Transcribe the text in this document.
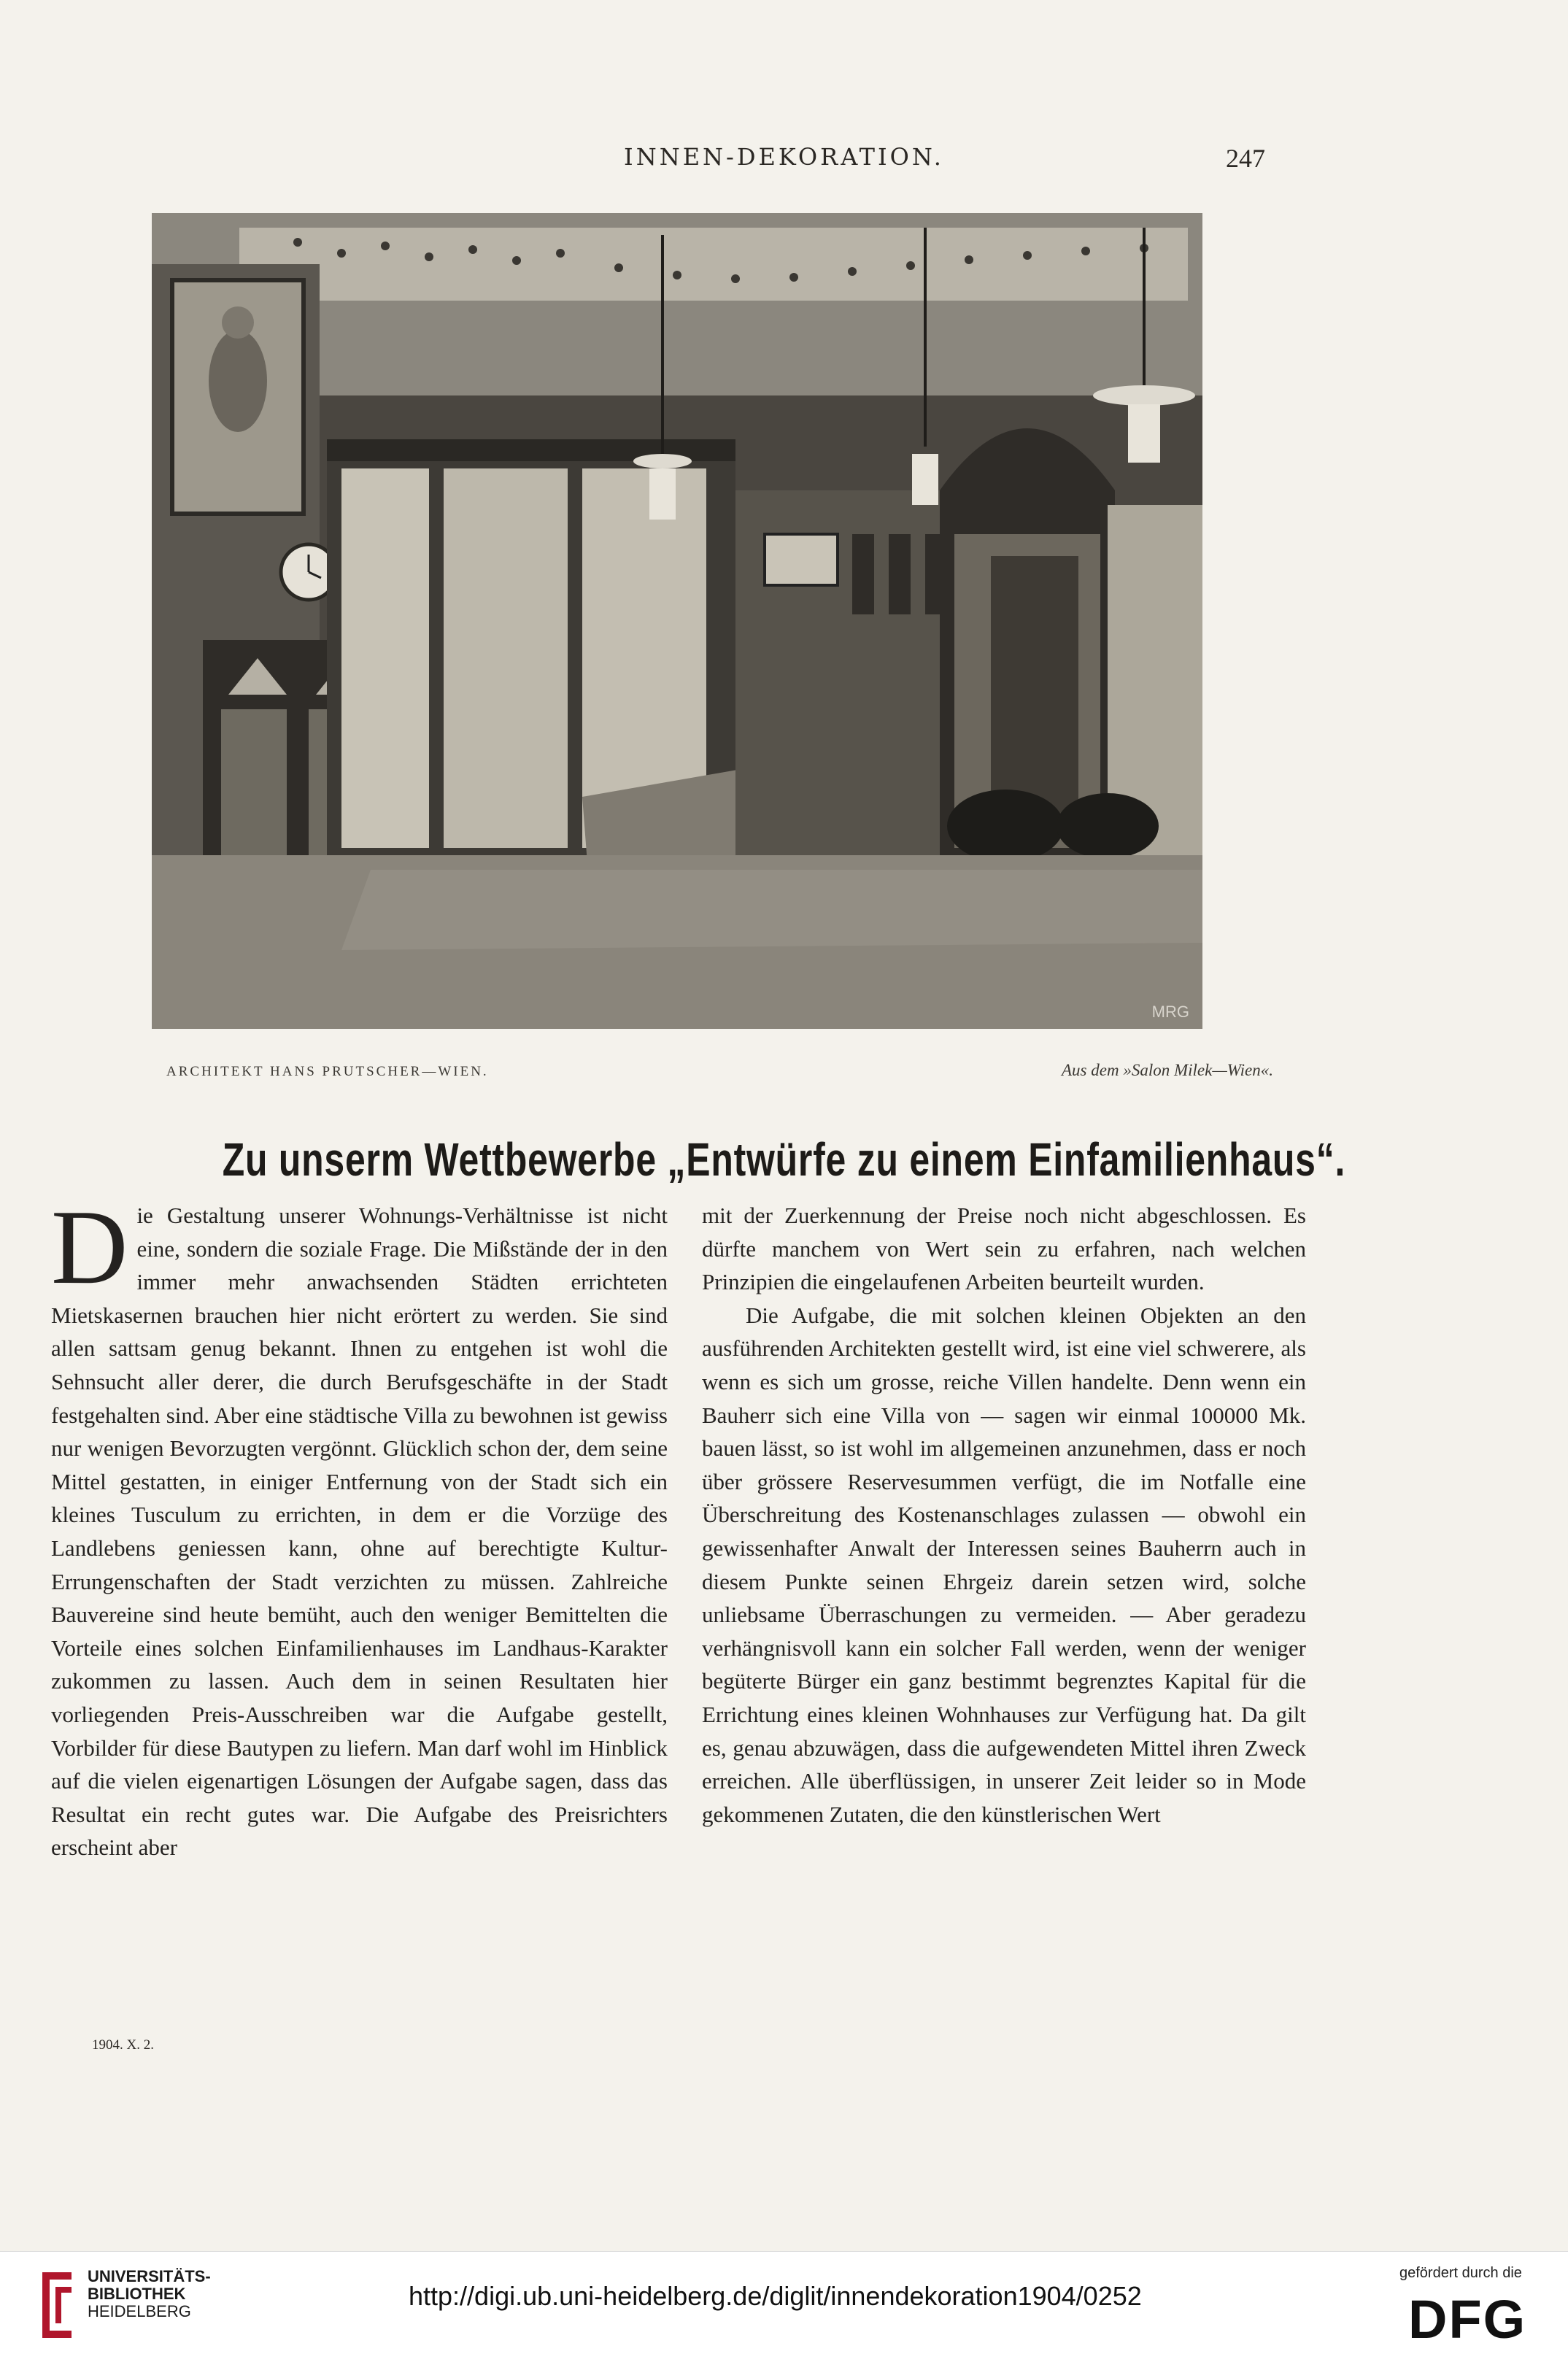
INNEN-DEKORATION.	247
MRG
ARCHITEKT HANS PRUTSCHER—WIEN.	Aus dem »Salon Milek—Wien«.
Zu unserm Wettbewerbe „Entwürfe zu einem Einfamilienhaus“.
D ie Gestaltung unserer Wohnungs-Verhältnisse ist nicht eine, sondern die soziale Frage. Die Mißstände der in den immer mehr anwachsenden Städten errichteten Mietskasernen brauchen hier nicht erörtert zu werden. Sie sind allen sattsam genug bekannt. Ihnen zu entgehen ist wohl die Sehnsucht aller derer, die durch Berufsgeschäfte in der Stadt festgehalten sind. Aber eine städtische Villa zu bewohnen ist gewiss nur wenigen Bevorzugten vergönnt. Glücklich schon der, dem seine Mittel gestatten, in einiger Entfernung von der Stadt sich ein kleines Tusculum zu errichten, in dem er die Vorzüge des Landlebens geniessen kann, ohne auf berechtigte Kultur-Errungenschaften der Stadt verzichten zu müssen. Zahlreiche Bauvereine sind heute bemüht, auch den weniger Bemittelten die Vorteile eines solchen Einfamilienhauses im Landhaus-Karakter zukommen zu lassen. Auch dem in seinen Resultaten hier vorliegenden Preis-Ausschreiben war die Aufgabe gestellt, Vorbilder für diese Bautypen zu liefern. Man darf wohl im Hinblick auf die vielen eigenartigen Lösungen der Aufgabe sagen, dass das Resultat ein recht gutes war. Die Aufgabe des Preisrichters erscheint aber

mit der Zuerkennung der Preise noch nicht abgeschlossen. Es dürfte manchem von Wert sein zu erfahren, nach welchen Prinzipien die eingelaufenen Arbeiten beurteilt wurden.

Die Aufgabe, die mit solchen kleinen Objekten an den ausführenden Architekten gestellt wird, ist eine viel schwerere, als wenn es sich um grosse, reiche Villen handelte. Denn wenn ein Bauherr sich eine Villa von — sagen wir einmal 100000 Mk. bauen lässt, so ist wohl im allgemeinen anzunehmen, dass er noch über grössere Reservesummen verfügt, die im Notfalle eine Überschreitung des Kostenanschlages zulassen — obwohl ein gewissenhafter Anwalt der Interessen seines Bauherrn auch in diesem Punkte seinen Ehrgeiz darein setzen wird, solche unliebsame Überraschungen zu vermeiden. — Aber geradezu verhängnisvoll kann ein solcher Fall werden, wenn der weniger begüterte Bürger ein ganz bestimmt begrenztes Kapital für die Errichtung eines kleinen Wohnhauses zur Verfügung hat. Da gilt es, genau abzuwägen, dass die aufgewendeten Mittel ihren Zweck erreichen. Alle überflüssigen, in unserer Zeit leider so in Mode gekommenen Zutaten, die den künstlerischen Wert

1904. X. 2.
UNIVERSITÄTS-
BIBLIOTHEK
HEIDELBERG
http://digi.ub.uni-heidelberg.de/diglit/innendekoration1904/0252
gefördert durch die
DFG
